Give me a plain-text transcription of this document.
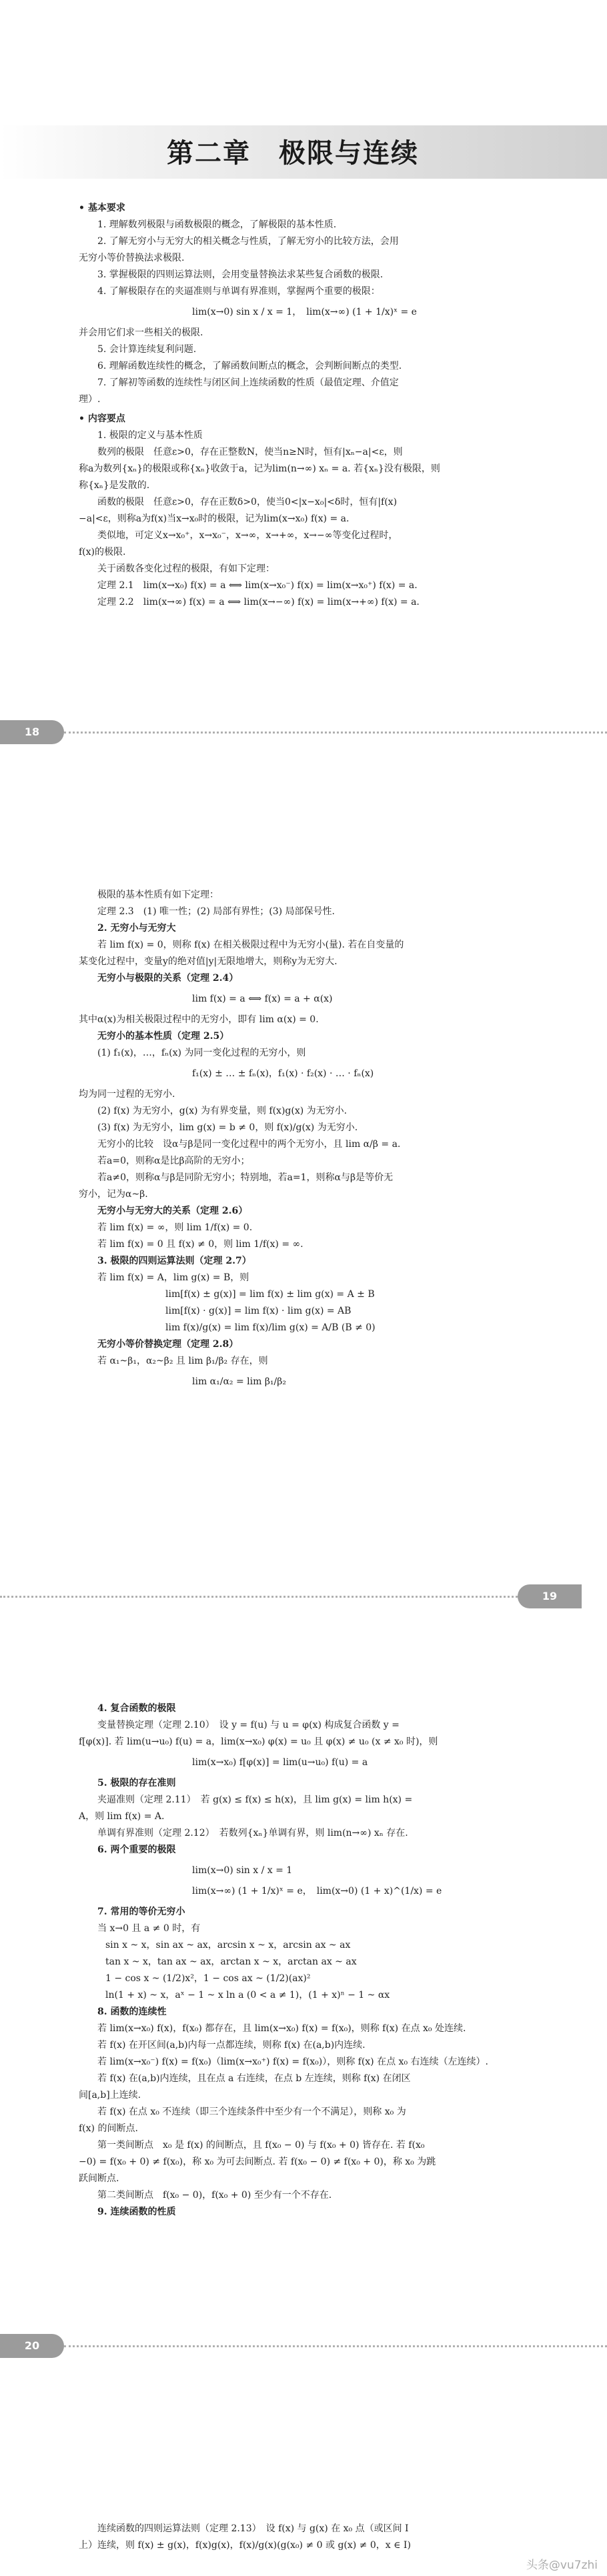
第二章　极限与连续

• 基本要求

1. 理解数列极限与函数极限的概念，了解极限的基本性质.

2. 了解无穷小与无穷大的相关概念与性质，了解无穷小的比较方法，会用

无穷小等价替换法求极限.

3. 掌握极限的四则运算法则，会用变量替换法求某些复合函数的极限.

4. 了解极限存在的夹逼准则与单调有界准则，掌握两个重要的极限：

lim(x→0) sin x / x = 1，　lim(x→∞) (1 + 1/x)ˣ = e

并会用它们求一些相关的极限.

5. 会计算连续复利问题.

6. 理解函数连续性的概念，了解函数间断点的概念，会判断间断点的类型.

7. 了解初等函数的连续性与闭区间上连续函数的性质（最值定理、介值定

理）.

• 内容要点

1. 极限的定义与基本性质

数列的极限　任意ε>0，存在正整数N，使当n≥N时，恒有|xₙ−a|<ε，则

称a为数列{xₙ}的极限或称{xₙ}收敛于a，记为lim(n→∞) xₙ = a. 若{xₙ}没有极限，则

称{xₙ}是发散的.

函数的极限　任意ε>0，存在正数δ>0，使当0<|x−x₀|<δ时，恒有|f(x)

−a|<ε，则称a为f(x)当x→x₀时的极限，记为lim(x→x₀) f(x) = a.

类似地，可定义x→x₀⁺，x→x₀⁻，x→∞，x→+∞，x→−∞等变化过程时，

f(x)的极限.

关于函数各变化过程的极限，有如下定理：

定理 2.1　lim(x→x₀) f(x) = a ⟺ lim(x→x₀⁻) f(x) = lim(x→x₀⁺) f(x) = a.

定理 2.2　lim(x→∞) f(x) = a ⟺ lim(x→−∞) f(x) = lim(x→+∞) f(x) = a.

18

极限的基本性质有如下定理：

定理 2.3　(1) 唯一性；(2) 局部有界性；(3) 局部保号性.

2. 无穷小与无穷大

若 lim f(x) = 0，则称 f(x) 在相关极限过程中为无穷小(量). 若在自变量的

某变化过程中，变量y的绝对值|y|无限地增大，则称y为无穷大.

无穷小与极限的关系（定理 2.4）

lim f(x) = a ⟺ f(x) = a + α(x)

其中α(x)为相关极限过程中的无穷小，即有 lim α(x) = 0.

无穷小的基本性质（定理 2.5）

(1) f₁(x)，…，fₙ(x) 为同一变化过程的无穷小，则

f₁(x) ± … ± fₙ(x)，f₁(x) · f₂(x) · … · fₙ(x)

均为同一过程的无穷小.

(2) f(x) 为无穷小，g(x) 为有界变量，则 f(x)g(x) 为无穷小.

(3) f(x) 为无穷小，lim g(x) = b ≠ 0，则 f(x)/g(x) 为无穷小.

无穷小的比较　设α与β是同一变化过程中的两个无穷小，且 lim α/β = a.

若a=0，则称α是比β高阶的无穷小；

若a≠0，则称α与β是同阶无穷小；特别地，若a=1，则称α与β是等价无

穷小，记为α~β.

无穷小与无穷大的关系（定理 2.6）

若 lim f(x) = ∞，则 lim 1/f(x) = 0.

若 lim f(x) = 0 且 f(x) ≠ 0，则 lim 1/f(x) = ∞.

3. 极限的四则运算法则（定理 2.7）

若 lim f(x) = A，lim g(x) = B，则

lim[f(x) ± g(x)] = lim f(x) ± lim g(x) = A ± B

lim[f(x) · g(x)] = lim f(x) · lim g(x) = AB

lim f(x)/g(x) = lim f(x)/lim g(x) = A/B (B ≠ 0)

无穷小等价替换定理（定理 2.8）

若 α₁~β₁，α₂~β₂ 且 lim β₁/β₂ 存在，则

lim α₁/α₂ = lim β₁/β₂

19

4. 复合函数的极限

变量替换定理（定理 2.10）　设 y = f(u) 与 u = φ(x) 构成复合函数 y =

f[φ(x)]. 若 lim(u→u₀) f(u) = a，lim(x→x₀) φ(x) = u₀ 且 φ(x) ≠ u₀ (x ≠ x₀ 时)，则

lim(x→x₀) f[φ(x)] = lim(u→u₀) f(u) = a

5. 极限的存在准则

夹逼准则（定理 2.11）　若 g(x) ≤ f(x) ≤ h(x)，且 lim g(x) = lim h(x) =

A，则 lim f(x) = A.

单调有界准则（定理 2.12）　若数列{xₙ}单调有界，则 lim(n→∞) xₙ 存在.

6. 两个重要的极限

lim(x→0) sin x / x = 1

lim(x→∞) (1 + 1/x)ˣ = e，　lim(x→0) (1 + x)^(1/x) = e

7. 常用的等价无穷小

当 x→0 且 a ≠ 0 时，有

sin x ~ x，sin ax ~ ax，arcsin x ~ x，arcsin ax ~ ax

tan x ~ x，tan ax ~ ax，arctan x ~ x，arctan ax ~ ax

1 − cos x ~ (1/2)x²，1 − cos ax ~ (1/2)(ax)²

ln(1 + x) ~ x，aˣ − 1 ~ x ln a (0 < a ≠ 1)，(1 + x)ⁿ − 1 ~ αx

8. 函数的连续性

若 lim(x→x₀) f(x)，f(x₀) 都存在，且 lim(x→x₀) f(x) = f(x₀)，则称 f(x) 在点 x₀ 处连续.

若 f(x) 在开区间(a,b)内每一点都连续，则称 f(x) 在(a,b)内连续.

若 lim(x→x₀⁻) f(x) = f(x₀)（lim(x→x₀⁺) f(x) = f(x₀)），则称 f(x) 在点 x₀ 右连续（左连续）.

若 f(x) 在(a,b)内连续，且在点 a 右连续，在点 b 左连续，则称 f(x) 在闭区

间[a,b]上连续.

若 f(x) 在点 x₀ 不连续（即三个连续条件中至少有一个不满足），则称 x₀ 为

f(x) 的间断点.

第一类间断点　x₀ 是 f(x) 的间断点，且 f(x₀ − 0) 与 f(x₀ + 0) 皆存在. 若 f(x₀

−0) = f(x₀ + 0) ≠ f(x₀)，称 x₀ 为可去间断点. 若 f(x₀ − 0) ≠ f(x₀ + 0)，称 x₀ 为跳

跃间断点.

第二类间断点　f(x₀ − 0)，f(x₀ + 0) 至少有一个不存在.

9. 连续函数的性质

20

连续函数的四则运算法则（定理 2.13）　设 f(x) 与 g(x) 在 x₀ 点（或区间 I

上）连续，则 f(x) ± g(x)，f(x)g(x)，f(x)/g(x)(g(x₀) ≠ 0 或 g(x) ≠ 0，x ∈ I)

头条@vu7zhi
